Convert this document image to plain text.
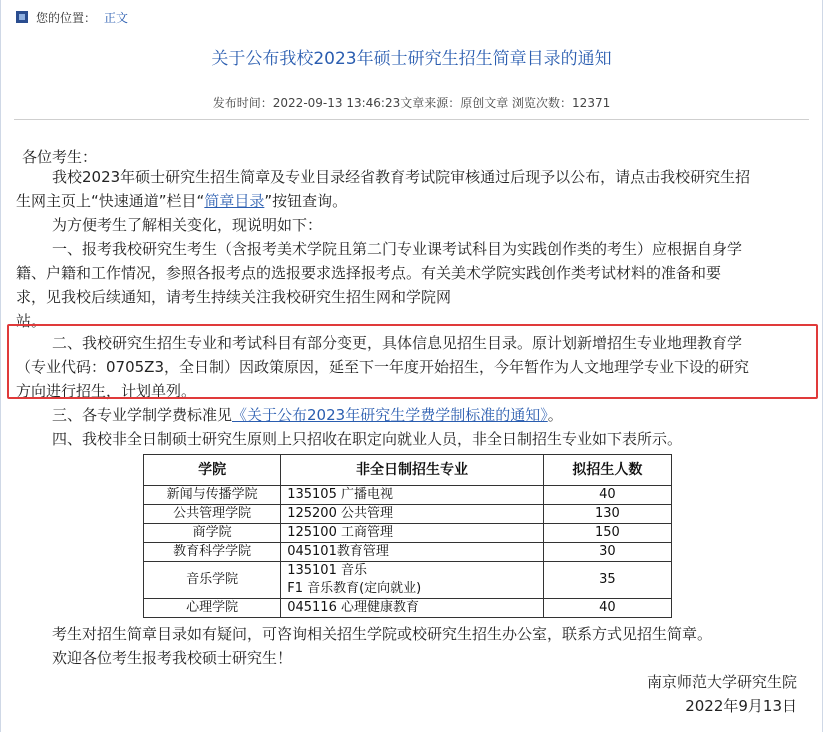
您的位置： 正文
关于公布我校2023年硕士研究生招生简章目录的通知
发布时间：2022-09-13 13:46:23文章来源：原创文章 浏览次数：12371
各位考生：
我校2023年硕士研究生招生简章及专业目录经省教育考试院审核通过后现予以公布，请点击我校研究生招
生网主页上“快速通道”栏目“简章目录”按钮查询。
为方便考生了解相关变化，现说明如下：
一、报考我校研究生考生（含报考美术学院且第二门专业课考试科目为实践创作类的考生）应根据自身学
籍、户籍和工作情况，参照各报考点的选报要求选择报考点。有关美术学院实践创作类考试材料的准备和要
求，见我校后续通知，请考生持续关注我校研究生招生网和学院网
站。
二、我校研究生招生专业和考试科目有部分变更，具体信息见招生目录。原计划新增招生专业地理教育学
（专业代码：0705Z3，全日制）因政策原因，延至下一年度开始招生，今年暂作为人文地理学专业下设的研究
方向进行招生，计划单列。
三、各专业学制学费标准见《关于公布2023年研究生学费学制标准的通知》。
四、我校非全日制硕士研究生原则上只招收在职定向就业人员，非全日制招生专业如下表所示。
考生对招生简章目录如有疑问，可咨询相关招生学院或校研究生招生办公室，联系方式见招生简章。
欢迎各位考生报考我校硕士研究生！
学院	非全日制招生专业	拟招生人数
新闻与传播学院	135105 广播电视	40
公共管理学院	125200 公共管理	130
商学院	125100 工商管理	150
教育科学学院	045101教育管理	30
音乐学院	135101 音乐
F1 音乐教育(定向就业)	35
心理学院	045116 心理健康教育	40
南京师范大学研究生院
2022年9月13日
